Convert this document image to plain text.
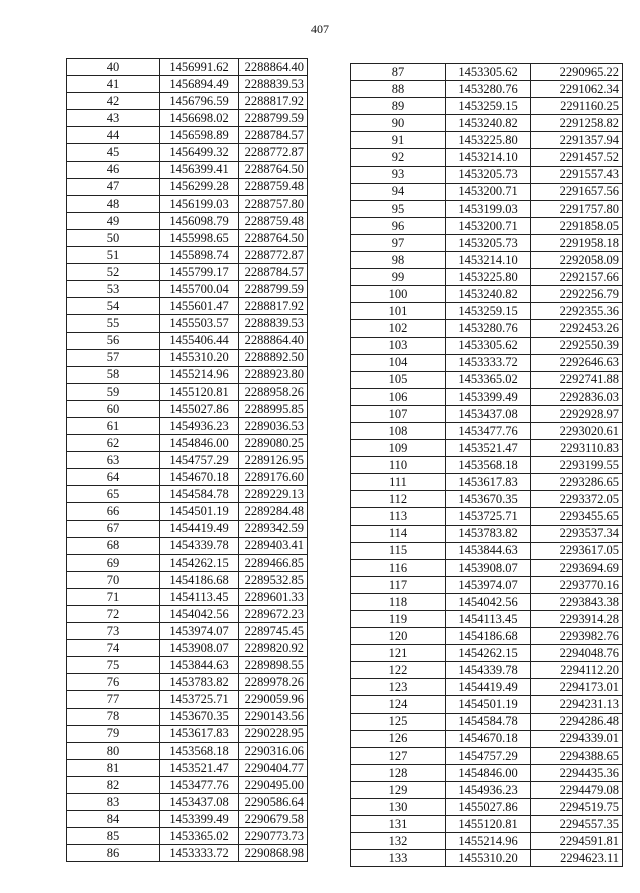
407
40	1456991.62	2288864.40
41	1456894.49	2288839.53
42	1456796.59	2288817.92
43	1456698.02	2288799.59
44	1456598.89	2288784.57
45	1456499.32	2288772.87
46	1456399.41	2288764.50
47	1456299.28	2288759.48
48	1456199.03	2288757.80
49	1456098.79	2288759.48
50	1455998.65	2288764.50
51	1455898.74	2288772.87
52	1455799.17	2288784.57
53	1455700.04	2288799.59
54	1455601.47	2288817.92
55	1455503.57	2288839.53
56	1455406.44	2288864.40
57	1455310.20	2288892.50
58	1455214.96	2288923.80
59	1455120.81	2288958.26
60	1455027.86	2288995.85
61	1454936.23	2289036.53
62	1454846.00	2289080.25
63	1454757.29	2289126.95
64	1454670.18	2289176.60
65	1454584.78	2289229.13
66	1454501.19	2289284.48
67	1454419.49	2289342.59
68	1454339.78	2289403.41
69	1454262.15	2289466.85
70	1454186.68	2289532.85
71	1454113.45	2289601.33
72	1454042.56	2289672.23
73	1453974.07	2289745.45
74	1453908.07	2289820.92
75	1453844.63	2289898.55
76	1453783.82	2289978.26
77	1453725.71	2290059.96
78	1453670.35	2290143.56
79	1453617.83	2290228.95
80	1453568.18	2290316.06
81	1453521.47	2290404.77
82	1453477.76	2290495.00
83	1453437.08	2290586.64
84	1453399.49	2290679.58
85	1453365.02	2290773.73
86	1453333.72	2290868.98
87	1453305.62	2290965.22
88	1453280.76	2291062.34
89	1453259.15	2291160.25
90	1453240.82	2291258.82
91	1453225.80	2291357.94
92	1453214.10	2291457.52
93	1453205.73	2291557.43
94	1453200.71	2291657.56
95	1453199.03	2291757.80
96	1453200.71	2291858.05
97	1453205.73	2291958.18
98	1453214.10	2292058.09
99	1453225.80	2292157.66
100	1453240.82	2292256.79
101	1453259.15	2292355.36
102	1453280.76	2292453.26
103	1453305.62	2292550.39
104	1453333.72	2292646.63
105	1453365.02	2292741.88
106	1453399.49	2292836.03
107	1453437.08	2292928.97
108	1453477.76	2293020.61
109	1453521.47	2293110.83
110	1453568.18	2293199.55
111	1453617.83	2293286.65
112	1453670.35	2293372.05
113	1453725.71	2293455.65
114	1453783.82	2293537.34
115	1453844.63	2293617.05
116	1453908.07	2293694.69
117	1453974.07	2293770.16
118	1454042.56	2293843.38
119	1454113.45	2293914.28
120	1454186.68	2293982.76
121	1454262.15	2294048.76
122	1454339.78	2294112.20
123	1454419.49	2294173.01
124	1454501.19	2294231.13
125	1454584.78	2294286.48
126	1454670.18	2294339.01
127	1454757.29	2294388.65
128	1454846.00	2294435.36
129	1454936.23	2294479.08
130	1455027.86	2294519.75
131	1455120.81	2294557.35
132	1455214.96	2294591.81
133	1455310.20	2294623.11
